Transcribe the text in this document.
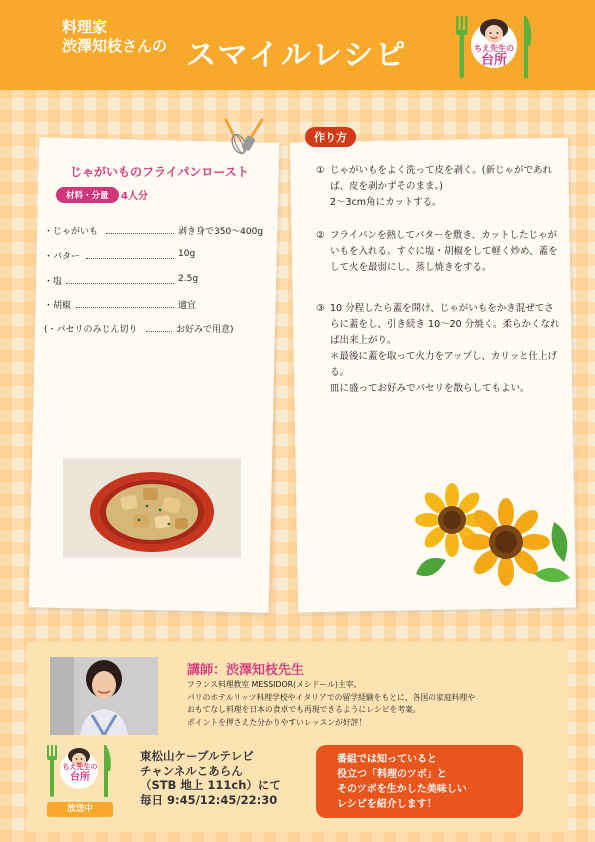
料理家
渋澤知枝さんの スマイルレシピ	ちえ先生の
台所
じゃがいものフライパンロースト
材料・分量	4人分
・じゃがいも	剥き身で350～400g
・バター	10g
・塩	2.5g
・胡椒	適宜
(・パセリのみじん切り	お好みで用意)
作り方
① じゃがいもをよく洗って皮を剥く。(新じゃがであれば、皮を剥かずそのまま。)
2～3cm角にカットする。
② フライパンを熱してバターを敷き、カットしたじゃがいもを入れる。すぐに塩・胡椒をして軽く炒め、蓋をして火を最弱にし、蒸し焼きをする。
③ 10 分程したら蓋を開け、じゃがいもをかき混ぜてさらに蓋をし、引き続き 10～20 分焼く。柔らかくなれば出来上がり。
＊最後に蓋を取って火力をアップし、カリッと仕上げる。
皿に盛ってお好みでパセリを散らしてもよい。
講師：渋澤知枝先生
フランス料理教室 MESSIDOR(メシドール)主宰。
パリのホテルリッツ料理学校やイタリアでの留学経験をもとに、各国の家庭料理や
おもてなし料理を日本の食卓でも再現できるようにレシピを考案。
ポイントを押さえた分かりやすいレッスンが好評！
ちえ先生の
台所
放送中
東松山ケーブルテレビ
チャンネルこあらん
（STB 地上 111ch）にて
毎日 9:45/12:45/22:30
番組では知っていると
役立つ「料理のツボ」と
そのツボを生かした美味しい
レシピを紹介します！
